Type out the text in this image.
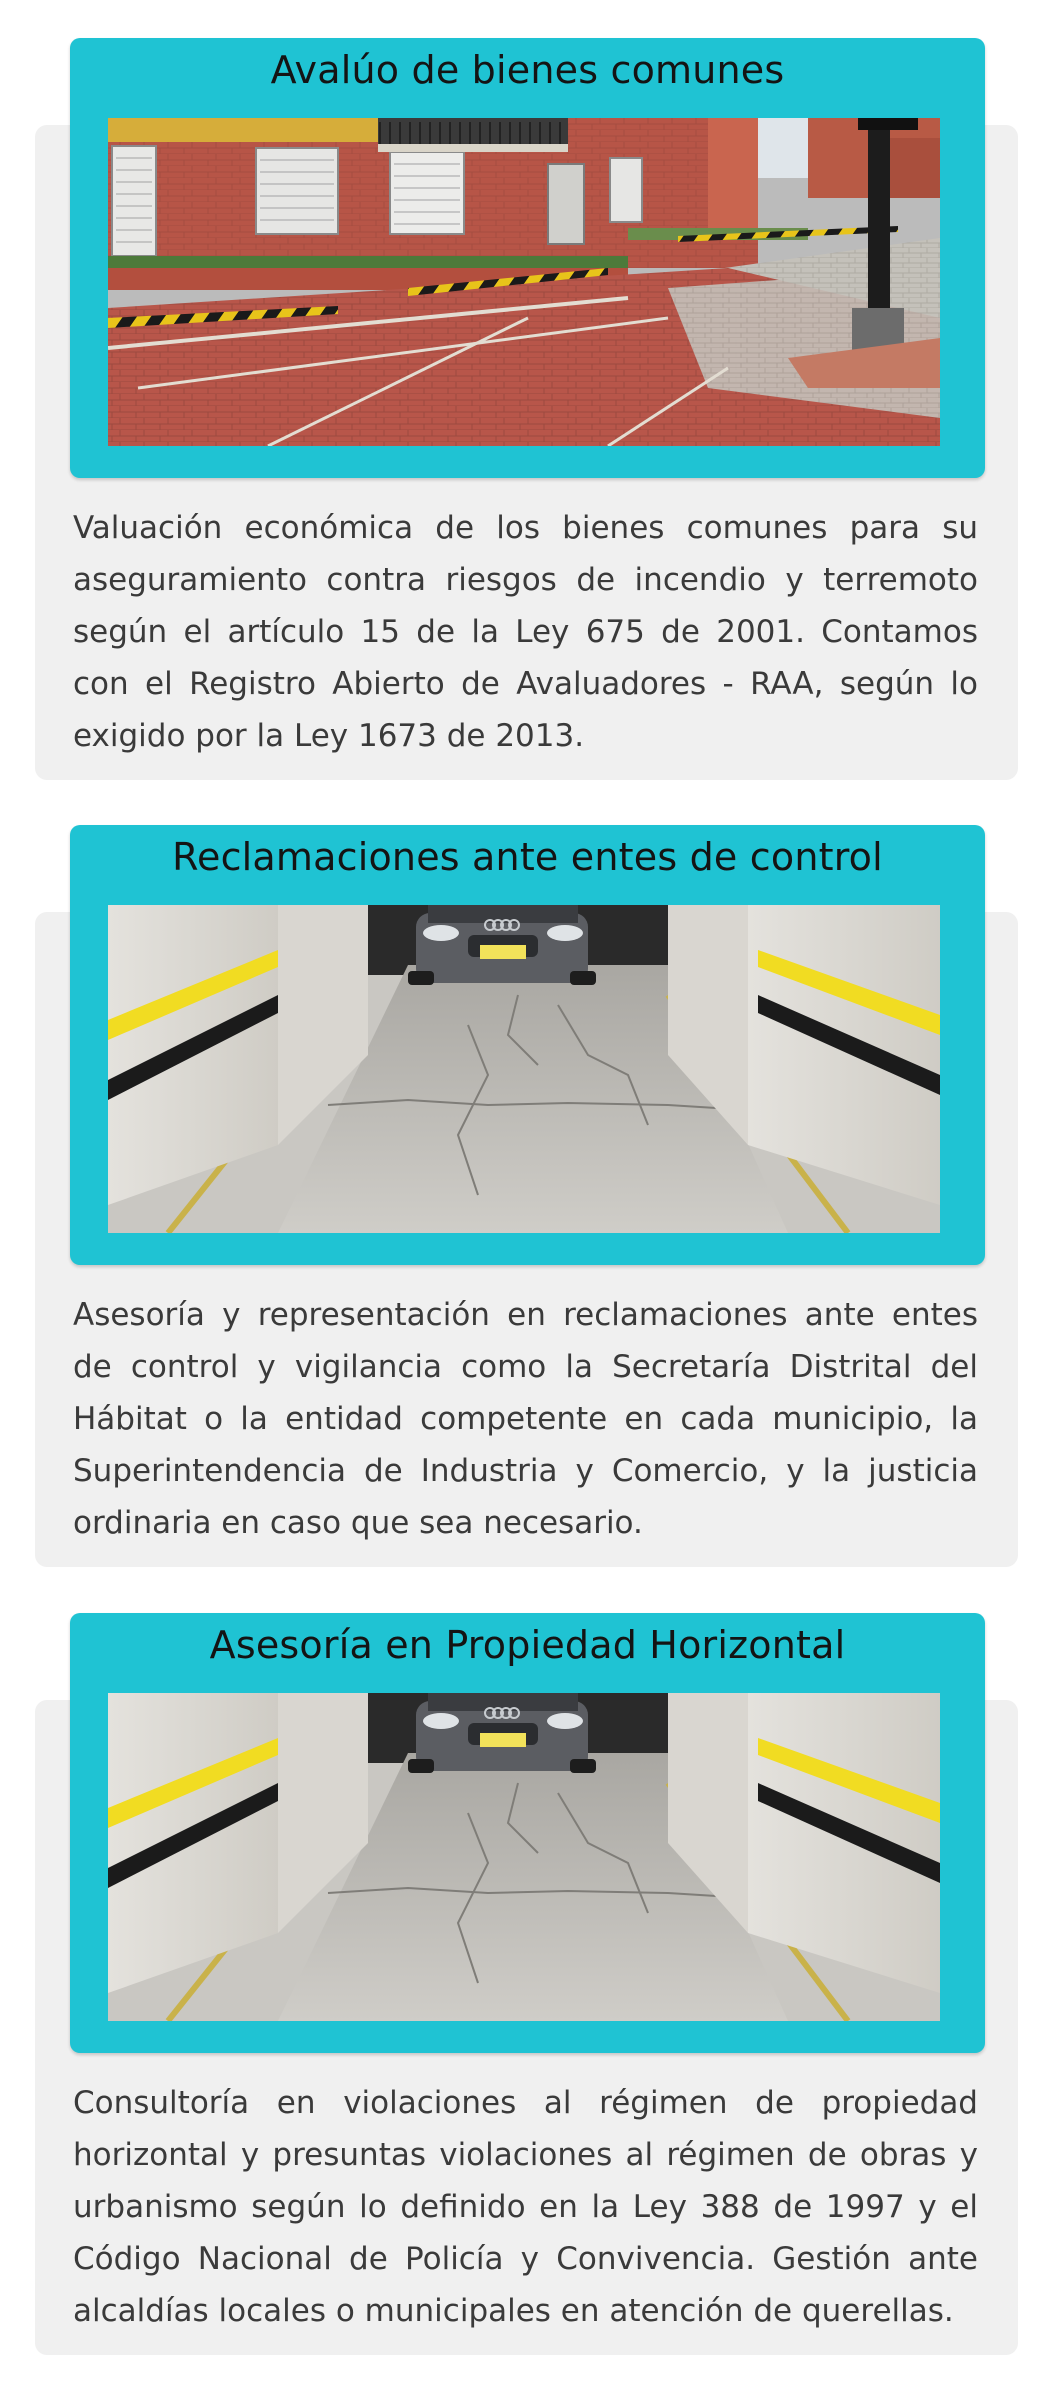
Avalúo de bienes comunes
Valuación económica de los bienes comunes para su
aseguramiento contra riesgos de incendio y terremoto
según el artículo 15 de la Ley 675 de 2001. Contamos
con el Registro Abierto de Avaluadores - RAA, según lo
exigido por la Ley 1673 de 2013.
Reclamaciones ante entes de control
Asesoría y representación en reclamaciones ante entes
de control y vigilancia como la Secretaría Distrital del
Hábitat o la entidad competente en cada municipio, la
Superintendencia de Industria y Comercio, y la justicia
ordinaria en caso que sea necesario.
Asesoría en Propiedad Horizontal
Consultoría en violaciones al régimen de propiedad
horizontal y presuntas violaciones al régimen de obras y
urbanismo según lo definido en la Ley 388 de 1997 y el
Código Nacional de Policía y Convivencia. Gestión ante
alcaldías locales o municipales en atención de querellas.
